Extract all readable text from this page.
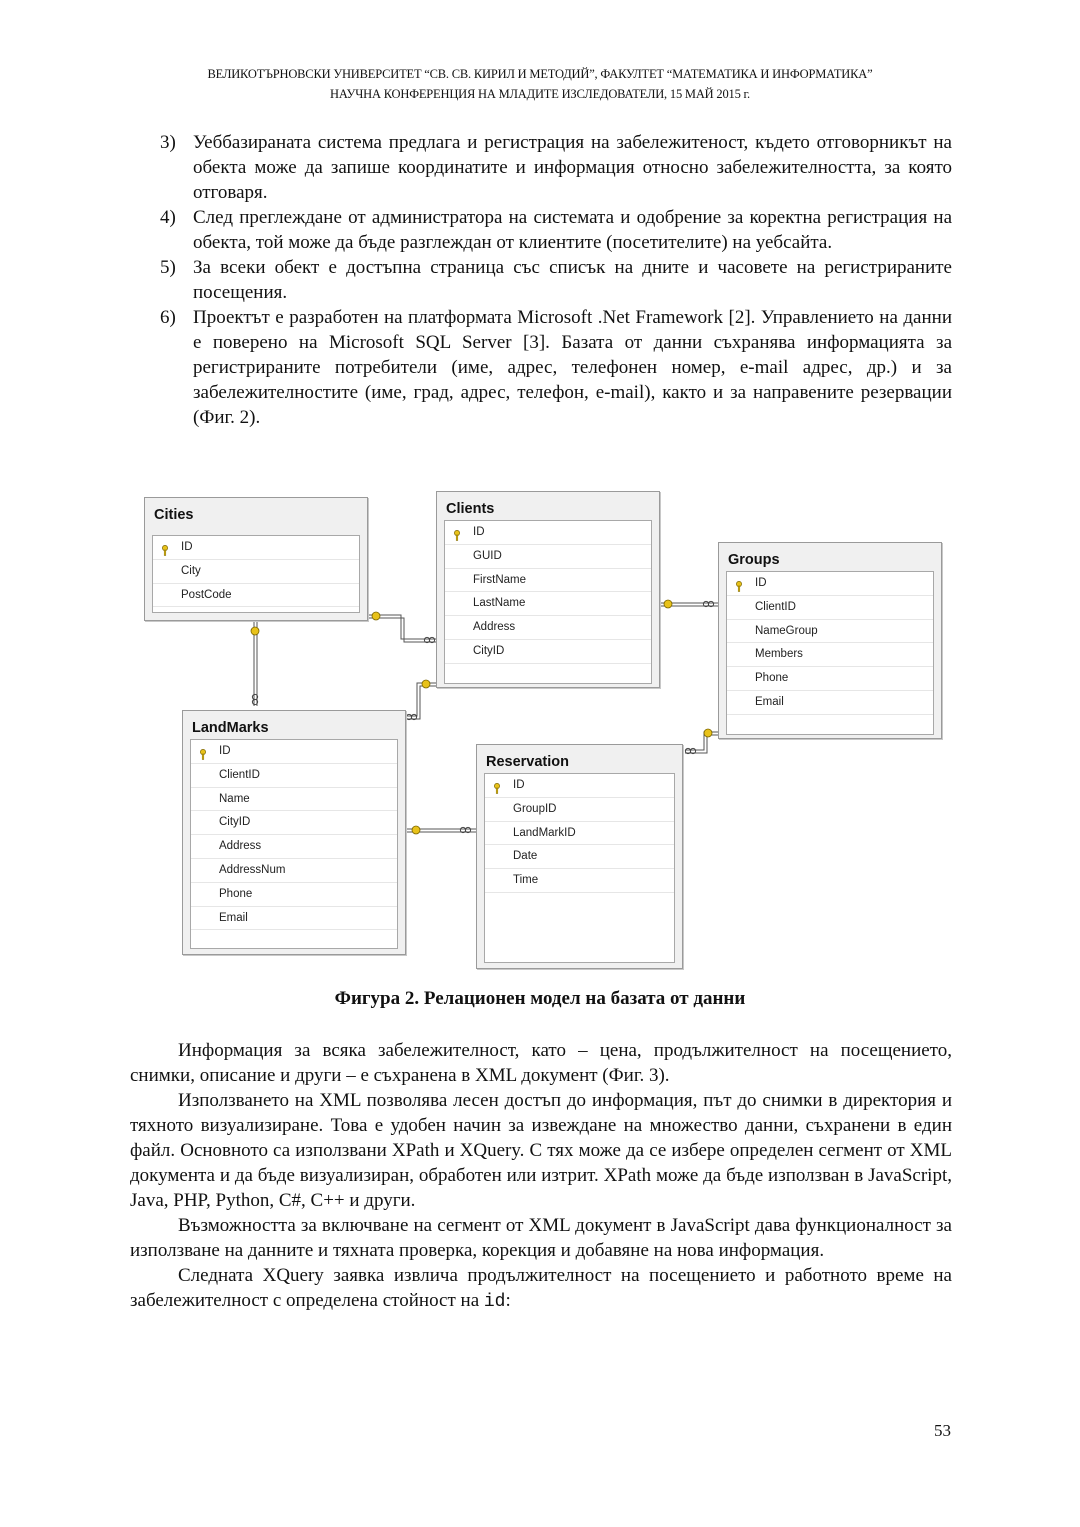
ВЕЛИКОТЪРНОВСКИ УНИВЕРСИТЕТ “СВ. СВ. КИРИЛ И МЕТОДИЙ”, ФАКУЛТЕТ “МАТЕМАТИКА И ИНФОРМАТИКА”
НАУЧНА КОНФЕРЕНЦИЯ НА МЛАДИТЕ ИЗСЛЕДОВАТЕЛИ, 15 МАЙ 2015 г.
3) Уеббазираната система предлага и регистрация на забележитеност, където отговорникът на обекта може да запише координатите и информация относно забележителността, за която отговаря.
4) След преглеждане от администратора на системата и одобрение за коректна регистрация на обекта, той може да бъде разглеждан от клиентите (посетителите) на уебсайта.
5) За всеки обект е достъпна страница със списък на дните и часовете на регистрираните посещения.
6) Проектът е разработен на платформата Microsoft .Net Framework [2]. Управлението на данни е поверено на Microsoft SQL Server [3]. Базата от данни съхранява информацията за регистрираните потребители (име, адрес, телефонен номер, e-mail адрес, др.) и за забележителностите (име, град, адрес, телефон, e-mail), както и за направените резервации (Фиг. 2).
Cities
ID
City
PostCode
Clients
ID
GUID
FirstName
LastName
Address
CityID
Groups
ID
ClientID
NameGroup
Members
Phone
Email
LandMarks
ID
ClientID
Name
CityID
Address
AddressNum
Phone
Email
Reservation
ID
GroupID
LandMarkID
Date
Time
Фигура 2. Релационен модел на базата от данни

Информация за всяка забележителност, като – цена, продължителност на посещението, снимки, описание и други – е съхранена в XML документ (Фиг. 3).

Използването на XML позволява лесен достъп до информация, път до снимки в директория и тяхното визуализиране. Това е удобен начин за извеждане на множество данни, съхранени в един файл. Основното са използвани XPath и XQuery. С тях може да се избере определен сегмент от XML документа и да бъде визуализиран, обработен или изтрит. XPath може да бъде използван в JavaScript, Java, PHP, Python, C#, C++ и други.

Възможността за включване на сегмент от XML документ в JavaScript дава функционалност за използване на данните и тяхната проверка, корекция и добавяне на нова информация.

Следната XQuery заявка извлича продължителност на посещението и работното време на забележителност с определена стойност на id:

53
